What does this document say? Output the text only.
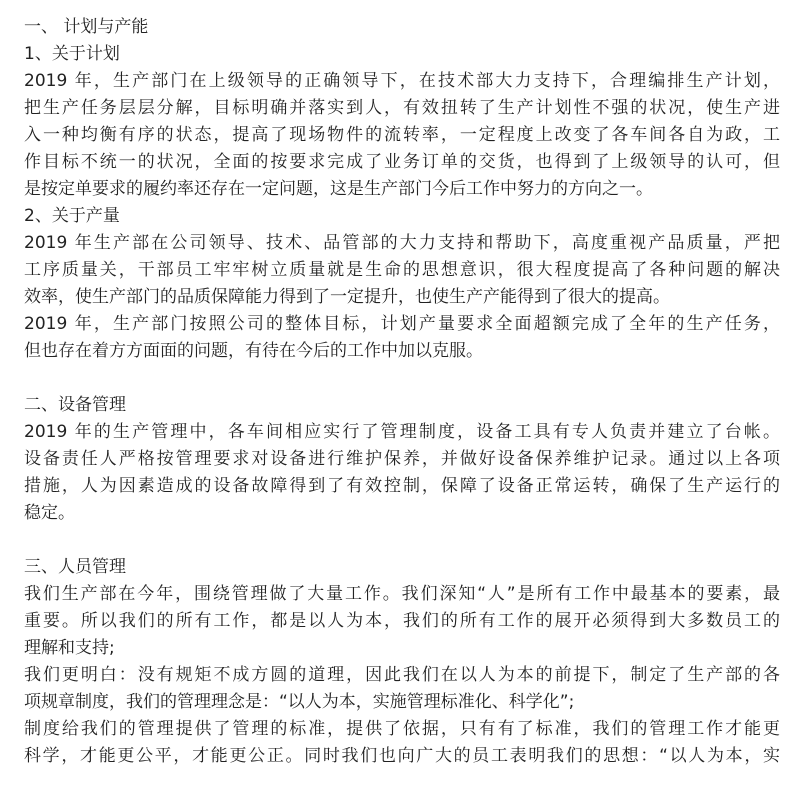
一、 计划与产能
1、关于计划
2019 年，生产部门在上级领导的正确领导下，在技术部大力支持下，合理编排生产计划，
把生产任务层层分解，目标明确并落实到人，有效扭转了生产计划性不强的状况，使生产进
入一种均衡有序的状态，提高了现场物件的流转率，一定程度上改变了各车间各自为政，工
作目标不统一的状况，全面的按要求完成了业务订单的交货，也得到了上级领导的认可，但
是按定单要求的履约率还存在一定问题，这是生产部门今后工作中努力的方向之一。
2、关于产量
2019 年生产部在公司领导、技术、品管部的大力支持和帮助下，高度重视产品质量，严把
工序质量关，干部员工牢牢树立质量就是生命的思想意识，很大程度提高了各种问题的解决
效率，使生产部门的品质保障能力得到了一定提升，也使生产产能得到了很大的提高。
2019 年，生产部门按照公司的整体目标，计划产量要求全面超额完成了全年的生产任务，
但也存在着方方面面的问题，有待在今后的工作中加以克服。
二、设备管理
2019 年的生产管理中，各车间相应实行了管理制度，设备工具有专人负责并建立了台帐。
设备责任人严格按管理要求对设备进行维护保养，并做好设备保养维护记录。通过以上各项
措施，人为因素造成的设备故障得到了有效控制，保障了设备正常运转，确保了生产运行的
稳定。
三、人员管理
我们生产部在今年，围绕管理做了大量工作。我们深知“人”是所有工作中最基本的要素，最
重要。所以我们的所有工作，都是以人为本，我们的所有工作的展开必须得到大多数员工的
理解和支持;
我们更明白：没有规矩不成方圆的道理，因此我们在以人为本的前提下，制定了生产部的各
项规章制度，我们的管理理念是：“以人为本，实施管理标准化、科学化”;
制度给我们的管理提供了管理的标准，提供了依据，只有有了标准，我们的管理工作才能更
科学，才能更公平，才能更公正。同时我们也向广大的员工表明我们的思想：“以人为本，实
